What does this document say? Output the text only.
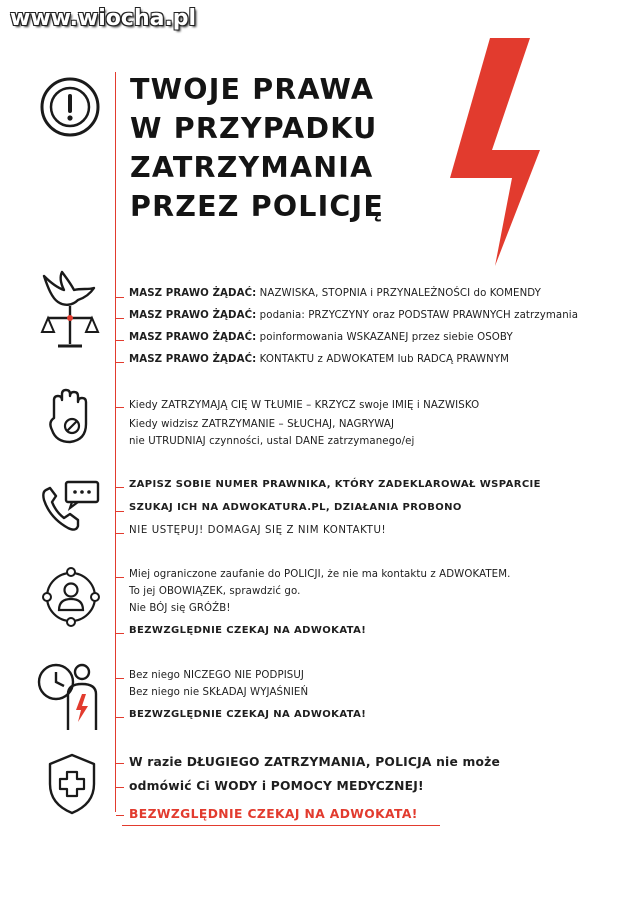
www.wiocha.pl
TWOJE PRAWA
W PRZYPADKU
ZATRZYMANIA
PRZEZ POLICJĘ
MASZ PRAWO ŻĄDAĆ: NAZWISKA, STOPNIA i PRZYNALEŻNOŚCI do KOMENDY
MASZ PRAWO ŻĄDAĆ: podania: PRZYCZYNY oraz PODSTAW PRAWNYCH zatrzymania
MASZ PRAWO ŻĄDAĆ: poinformowania WSKAZANEJ przez siebie OSOBY
MASZ PRAWO ŻĄDAĆ: KONTAKTU z ADWOKATEM lub RADCĄ PRAWNYM
Kiedy ZATRZYMAJĄ CIĘ W TŁUMIE – KRZYCZ swoje IMIĘ i NAZWISKO
Kiedy widzisz ZATRZYMANIE – SŁUCHAJ, NAGRYWAJ
nie UTRUDNIAJ czynności, ustal DANE zatrzymanego/ej
ZAPISZ SOBIE NUMER PRAWNIKA, KTÓRY ZADEKLAROWAŁ WSPARCIE
SZUKAJ ICH NA ADWOKATURA.PL, DZIAŁANIA PROBONO
NIE USTĘPUJ! DOMAGAJ SIĘ Z NIM KONTAKTU!
Miej ograniczone zaufanie do POLICJI, że nie ma kontaktu z ADWOKATEM.
To jej OBOWIĄZEK, sprawdzić go.
Nie BÓJ się GRÓŹB!
BEZWZGLĘDNIE CZEKAJ NA ADWOKATA!
Bez niego NICZEGO NIE PODPISUJ
Bez niego nie SKŁADAJ WYJAŚNIEŃ
BEZWZGLĘDNIE CZEKAJ NA ADWOKATA!
W razie DŁUGIEGO ZATRZYMANIA, POLICJA nie może
odmówić Ci WODY i POMOCY MEDYCZNEJ!
BEZWZGLĘDNIE CZEKAJ NA ADWOKATA!
